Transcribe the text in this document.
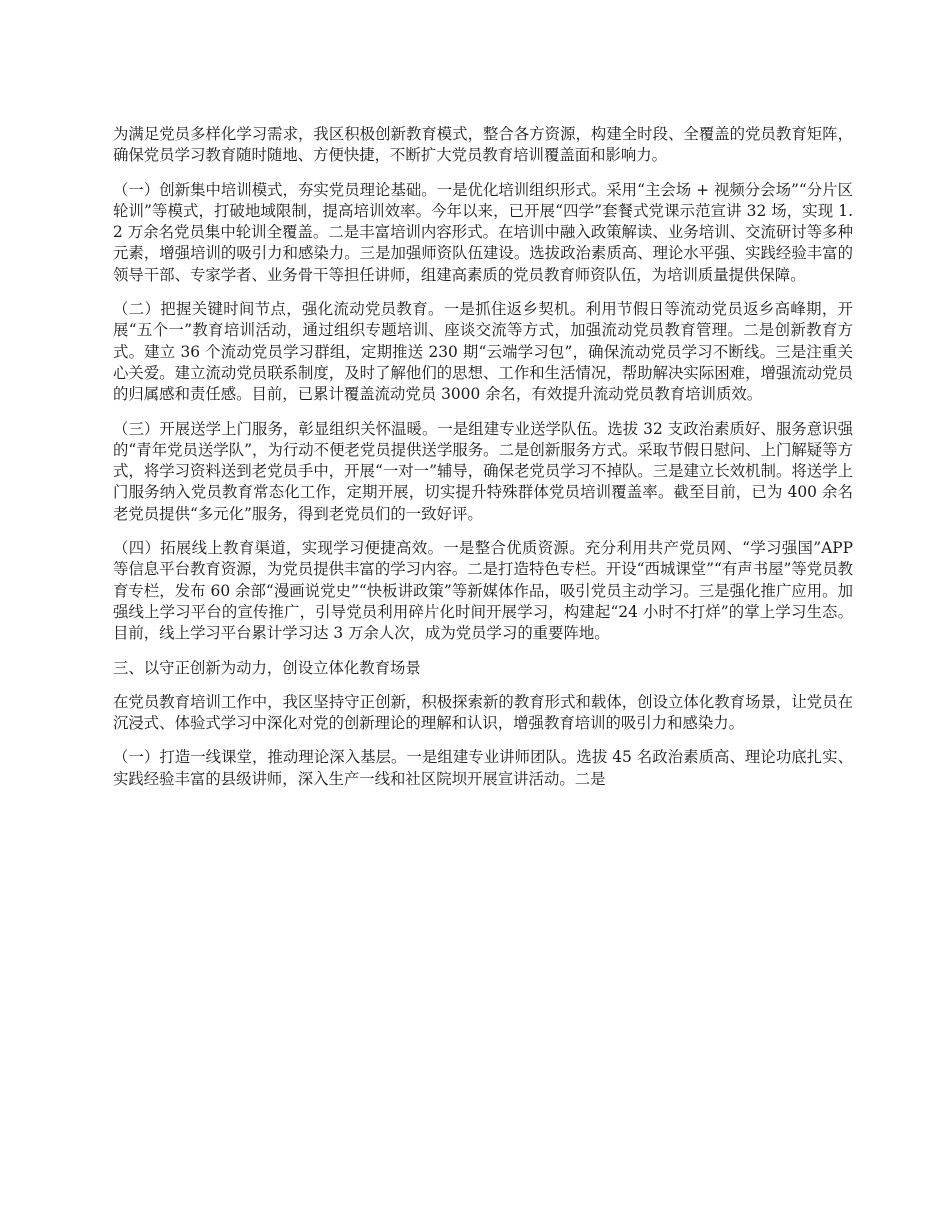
为满足党员多样化学习需求，我区积极创新教育模式，整合各方资源，构建全时段、全覆盖的党员教育矩阵，确保党员学习教育随时随地、方便快捷，不断扩大党员教育培训覆盖面和影响力。

（一）创新集中培训模式，夯实党员理论基础。一是优化培训组织形式。采用“主会场 + 视频分会场”“分片区轮训”等模式，打破地域限制，提高培训效率。今年以来，已开展“四学”套餐式党课示范宣讲 32 场，实现 1.2 万余名党员集中轮训全覆盖。二是丰富培训内容形式。在培训中融入政策解读、业务培训、交流研讨等多种元素，增强培训的吸引力和感染力。三是加强师资队伍建设。选拔政治素质高、理论水平强、实践经验丰富的领导干部、专家学者、业务骨干等担任讲师，组建高素质的党员教育师资队伍，为培训质量提供保障。

（二）把握关键时间节点，强化流动党员教育。一是抓住返乡契机。利用节假日等流动党员返乡高峰期，开展“五个一”教育培训活动，通过组织专题培训、座谈交流等方式，加强流动党员教育管理。二是创新教育方式。建立 36 个流动党员学习群组，定期推送 230 期“云端学习包”，确保流动党员学习不断线。三是注重关心关爱。建立流动党员联系制度，及时了解他们的思想、工作和生活情况，帮助解决实际困难，增强流动党员的归属感和责任感。目前，已累计覆盖流动党员 3000 余名，有效提升流动党员教育培训质效。

（三）开展送学上门服务，彰显组织关怀温暖。一是组建专业送学队伍。选拔 32 支政治素质好、服务意识强的“青年党员送学队”，为行动不便老党员提供送学服务。二是创新服务方式。采取节假日慰问、上门解疑等方式，将学习资料送到老党员手中，开展“一对一”辅导，确保老党员学习不掉队。三是建立长效机制。将送学上门服务纳入党员教育常态化工作，定期开展，切实提升特殊群体党员培训覆盖率。截至目前，已为 400 余名老党员提供“多元化”服务，得到老党员们的一致好评。

（四）拓展线上教育渠道，实现学习便捷高效。一是整合优质资源。充分利用共产党员网、“学习强国”APP 等信息平台教育资源，为党员提供丰富的学习内容。二是打造特色专栏。开设“西城课堂”“有声书屋”等党员教育专栏，发布 60 余部“漫画说党史”“快板讲政策”等新媒体作品，吸引党员主动学习。三是强化推广应用。加强线上学习平台的宣传推广，引导党员利用碎片化时间开展学习，构建起“24 小时不打烊”的掌上学习生态。目前，线上学习平台累计学习达 3 万余人次，成为党员学习的重要阵地。

三、以守正创新为动力，创设立体化教育场景

在党员教育培训工作中，我区坚持守正创新，积极探索新的教育形式和载体，创设立体化教育场景，让党员在沉浸式、体验式学习中深化对党的创新理论的理解和认识，增强教育培训的吸引力和感染力。

（一）打造一线课堂，推动理论深入基层。一是组建专业讲师团队。选拔 45 名政治素质高、理论功底扎实、实践经验丰富的县级讲师，深入生产一线和社区院坝开展宣讲活动。二是
